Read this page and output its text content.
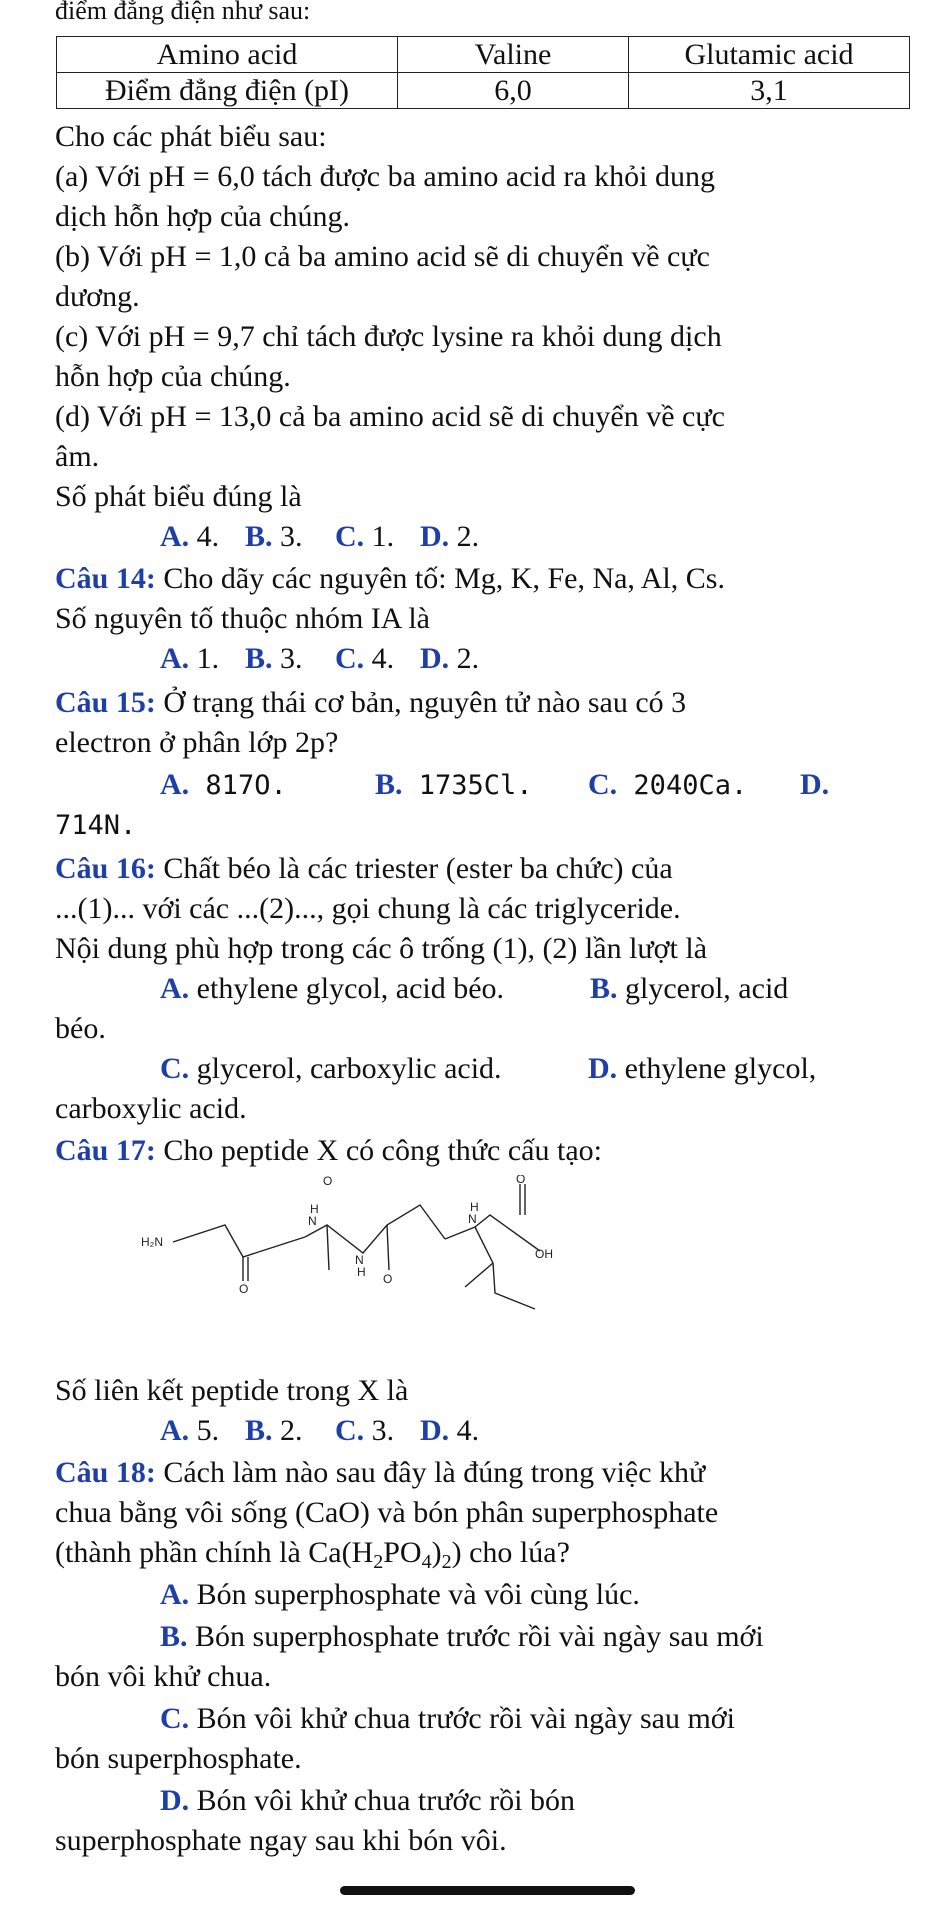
điểm đẳng điện như sau:
Amino acid	Valine	Glutamic acid
Điểm đẳng điện (pI)	6,0	3,1
Cho các phát biểu sau:
(a) Với pH = 6,0 tách được ba amino acid ra khỏi dung
dịch hỗn hợp của chúng.
(b) Với pH = 1,0 cả ba amino acid sẽ di chuyển về cực
dương.
(c) Với pH = 9,7 chỉ tách được lysine ra khỏi dung dịch
hỗn hợp của chúng.
(d) Với pH = 13,0 cả ba amino acid sẽ di chuyển về cực
âm.
Số phát biểu đúng là
A. 4. B. 3. C. 1. D. 2.
Câu 14: Cho dãy các nguyên tố: Mg, K, Fe, Na, Al, Cs.
Số nguyên tố thuộc nhóm IA là
A. 1. B. 3. C. 4. D. 2.
Câu 15: Ở trạng thái cơ bản, nguyên tử nào sau có 3
electron ở phân lớp 2p?
A. 817O.	B. 1735Cl. C. 2040Ca. D.
714N.
Câu 16: Chất béo là các triester (ester ba chức) của
...(1)... với các ...(2)..., gọi chung là các triglyceride.
Nội dung phù hợp trong các ô trống (1), (2) lần lượt là
A. ethylene glycol, acid béo.	B. glycerol, acid
béo.
C. glycerol, carboxylic acid.	D. ethylene glycol,
carboxylic acid.
Câu 17: Cho peptide X có công thức cấu tạo:
H₂N
O
N
H
O
O
N
H
N
H
O
OH
Số liên kết peptide trong X là
A. 5. B. 2. C. 3. D. 4.
Câu 18: Cách làm nào sau đây là đúng trong việc khử
chua bằng vôi sống (CaO) và bón phân superphosphate
(thành phần chính là $Ca(H_2PO_4)_2$) cho lúa?
A. Bón superphosphate và vôi cùng lúc.
B. Bón superphosphate trước rồi vài ngày sau mới
bón vôi khử chua.
C. Bón vôi khử chua trước rồi vài ngày sau mới
bón superphosphate.
D. Bón vôi khử chua trước rồi bón
superphosphate ngay sau khi bón vôi.
